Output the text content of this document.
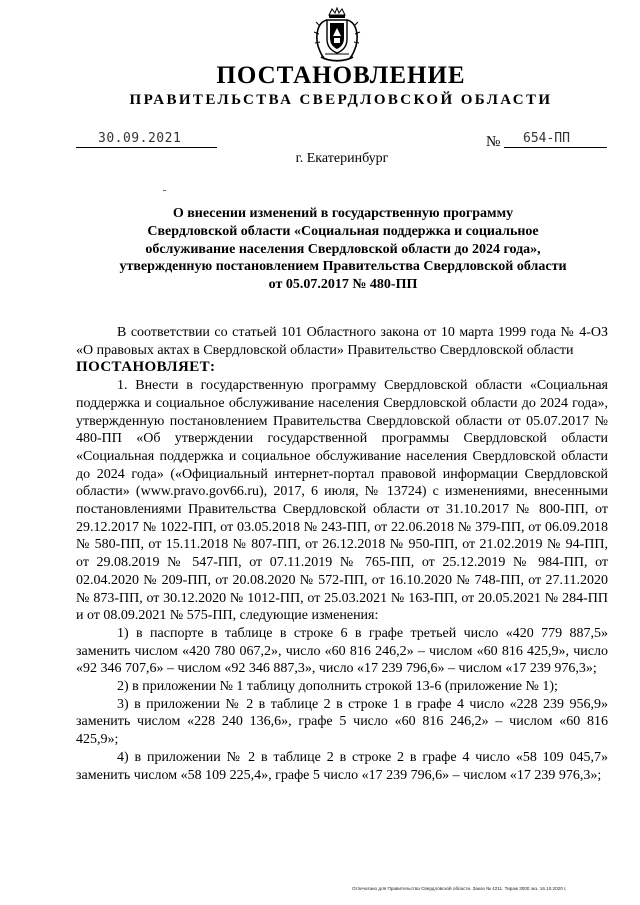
ПОСТАНОВЛЕНИЕ
ПРАВИТЕЛЬСТВА СВЕРДЛОВСКОЙ ОБЛАСТИ
30.09.2021	№ 654-ПП
г. Екатеринбург
О внесении изменений в государственную программу
Свердловской области «Социальная поддержка и социальное
обслуживание населения Свердловской области до 2024 года»,
утвержденную постановлением Правительства Свердловской области
от 05.07.2017 № 480-ПП

В соответствии со статьей 101 Областного закона от 10 марта 1999 года № 4-ОЗ «О правовых актах в Свердловской области» Правительство Свердловской области

ПОСТАНОВЛЯЕТ:

1. Внести в государственную программу Свердловской области «Социальная поддержка и социальное обслуживание населения Свердловской области до 2024 года», утвержденную постановлением Правительства Свердловской области от 05.07.2017 № 480-ПП «Об утверждении государственной программы Свердловской области «Социальная поддержка и социальное обслуживание населения Свердловской области до 2024 года» («Официальный интернет-портал правовой информации Свердловской области» (www.pravo.gov66.ru), 2017, 6 июля, № 13724) с изменениями, внесенными постановлениями Правительства Свердловской области от 31.10.2017 № 800-ПП, от 29.12.2017 № 1022-ПП, от 03.05.2018 № 243-ПП, от 22.06.2018 № 379-ПП, от 06.09.2018 № 580-ПП, от 15.11.2018 № 807-ПП, от 26.12.2018 № 950-ПП, от 21.02.2019 № 94-ПП, от 29.08.2019 № 547-ПП, от 07.11.2019 № 765-ПП, от 25.12.2019 № 984-ПП, от 02.04.2020 № 209-ПП, от 20.08.2020 № 572-ПП, от 16.10.2020 № 748-ПП, от 27.11.2020 № 873-ПП, от 30.12.2020 № 1012-ПП, от 25.03.2021 № 163-ПП, от 20.05.2021 № 284-ПП и от 08.09.2021 № 575-ПП, следующие изменения:

1) в паспорте в таблице в строке 6 в графе третьей число «420 779 887,5» заменить числом «420 780 067,2», число «60 816 246,2» – числом «60 816 425,9», число «92 346 707,6» – числом «92 346 887,3», число «17 239 796,6» – числом «17 239 976,3»;

2) в приложении № 1 таблицу дополнить строкой 13-6 (приложение № 1);

3) в приложении № 2 в таблице 2 в строке 1 в графе 4 число «228 239 956,9» заменить числом «228 240 136,6», графе 5 число «60 816 246,2» – числом «60 816 425,9»;

4) в приложении № 2 в таблице 2 в строке 2 в графе 4 число «58 109 045,7» заменить числом «58 109 225,4», графе 5 число «17 239 796,6» – числом «17 239 976,3»;

Отпечатано для Правительства Свердловской области. Заказ № 4211. Тираж 3000 экз. 16.10.2020 г.
